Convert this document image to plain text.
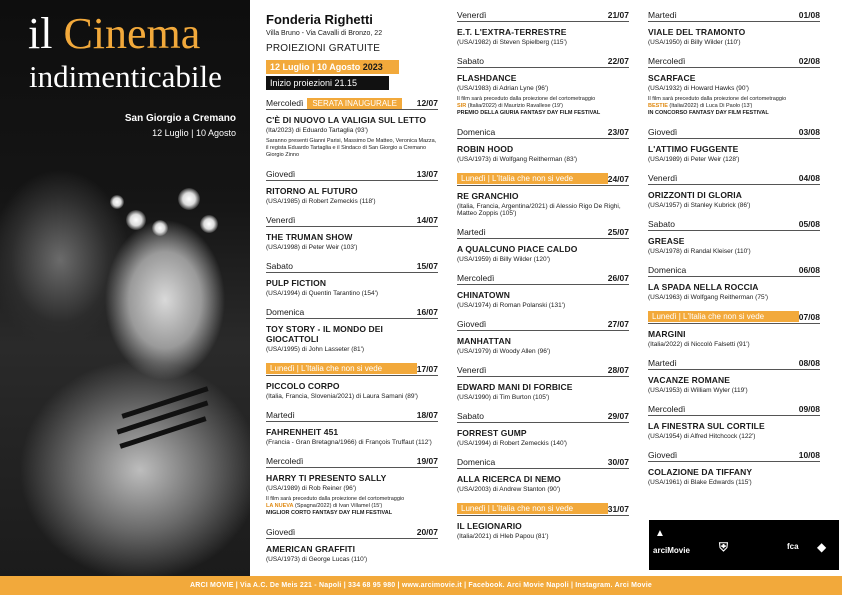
il Cinema
indimenticabile
San Giorgio a Cremano
12 Luglio | 10 Agosto
Fonderia Righetti
Villa Bruno - Via Cavalli di Bronzo, 22
PROIEZIONI GRATUITE
12 Luglio | 10 Agosto 2023
Inizio proiezioni 21.15
Mercoledì SERATA INAUGURALE	12/07
C'È DI NUOVO LA VALIGIA SUL LETTO
(Ita/2023) di Eduardo Tartaglia (93')
Saranno presenti Gianni Parisi, Massimo De Matteo, Veronica Mazza, il regista Eduardo Tartaglia e il Sindaco di San Giorgio a Cremano Giorgio Zinno
Giovedì	13/07
RITORNO AL FUTURO
(USA/1985) di Robert Zemeckis (118')
Venerdì	14/07
THE TRUMAN SHOW
(USA/1998) di Peter Weir (103')
Sabato	15/07
PULP FICTION
(USA/1994) di Quentin Tarantino (154')
Domenica	16/07
TOY STORY - IL MONDO DEI GIOCATTOLI
(USA/1995) di John Lasseter (81')
Lunedì | L'Italia che non si vede	17/07
PICCOLO CORPO
(Italia, Francia, Slovenia/2021) di Laura Samani (89')
Martedì	18/07
FAHRENHEIT 451
(Francia - Gran Bretagna/1966) di François Truffaut (112')
Mercoledì	19/07
HARRY TI PRESENTO SALLY
(USA/1989) di Rob Reiner (96')
Il film sarà preceduto dalla proiezione del cortometraggio
LA NUEVA (Spagna/2022) di Ivan Villamel (15')
MIGLIOR CORTO FANTASY DAY FILM FESTIVAL
Giovedì	20/07
AMERICAN GRAFFITI
(USA/1973) di George Lucas (110')
Venerdì	21/07
E.T. L'EXTRA-TERRESTRE
(USA/1982) di Steven Spielberg (115')
Sabato	22/07
FLASHDANCE
(USA/1983) di Adrian Lyne (96')
Il film sarà preceduto dalla proiezione del cortometraggio
SIR (Italia/2022) di Maurizio Ravallese (19')
PREMIO DELLA GIURIA FANTASY DAY FILM FESTIVAL
Domenica	23/07
ROBIN HOOD
(USA/1973) di Wolfgang Reitherman (83')
Lunedì | L'Italia che non si vede	24/07
RE GRANCHIO
(Italia, Francia, Argentina/2021) di Alessio Rigo De Righi, Matteo Zoppis (105')
Martedì	25/07
A QUALCUNO PIACE CALDO
(USA/1959) di Billy Wilder (120')
Mercoledì	26/07
CHINATOWN
(USA/1974) di Roman Polanski (131')
Giovedì	27/07
MANHATTAN
(USA/1979) di Woody Allen (96')
Venerdì	28/07
EDWARD MANI DI FORBICE
(USA/1990) di Tim Burton (105')
Sabato	29/07
FORREST GUMP
(USA/1994) di Robert Zemeckis (140')
Domenica	30/07
ALLA RICERCA DI NEMO
(USA/2003) di Andrew Stanton (90')
Lunedì | L'Italia che non si vede	31/07
IL LEGIONARIO
(Italia/2021) di Hleb Papou (81')
Martedì	01/08
VIALE DEL TRAMONTO
(USA/1950) di Billy Wilder (110')
Mercoledì	02/08
SCARFACE
(USA/1932) di Howard Hawks (90')
Il film sarà preceduto dalla proiezione del cortometraggio
BESTIE (Italia/2022) di Luca Di Paolo (13')
IN CONCORSO FANTASY DAY FILM FESTIVAL
Giovedì	03/08
L'ATTIMO FUGGENTE
(USA/1989) di Peter Weir (128')
Venerdì	04/08
ORIZZONTI DI GLORIA
(USA/1957) di Stanley Kubrick (86')
Sabato	05/08
GREASE
(USA/1978) di Randal Kleiser (110')
Domenica	06/08
LA SPADA NELLA ROCCIA
(USA/1963) di Wolfgang Reitherman (75')
Lunedì | L'Italia che non si vede	07/08
MARGINI
(Italia/2022) di Niccolò Falsetti (91')
Martedì	08/08
VACANZE ROMANE
(USA/1953) di William Wyler (119')
Mercoledì	09/08
LA FINESTRA SUL CORTILE
(USA/1954) di Alfred Hitchcock (122')
Giovedì	10/08
COLAZIONE DA TIFFANY
(USA/1961) di Blake Edwards (115')
▲
arciMovie ⛨	fca ◆
ARCI MOVIE | Via A.C. De Meis 221 - Napoli | 334 68 95 980 | www.arcimovie.it | Facebook. Arci Movie Napoli | Instagram. Arci Movie
